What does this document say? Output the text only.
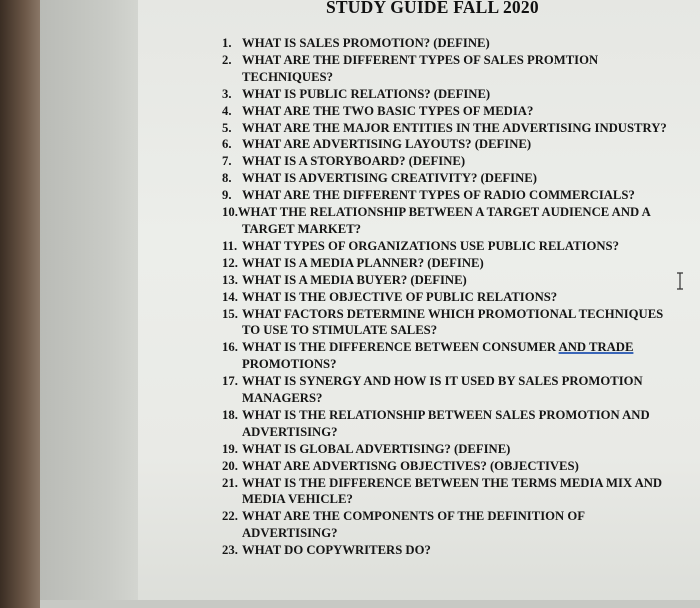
STUDY GUIDE FALL 2020
1. WHAT IS SALES PROMOTION? (DEFINE)
2. WHAT ARE THE DIFFERENT TYPES OF SALES PROMTION TECHNIQUES?
3. WHAT IS PUBLIC RELATIONS? (DEFINE)
4. WHAT ARE THE TWO BASIC TYPES OF MEDIA?
5. WHAT ARE THE MAJOR ENTITIES IN THE ADVERTISING INDUSTRY?
6. WHAT ARE ADVERTISING LAYOUTS? (DEFINE)
7. WHAT IS A STORYBOARD? (DEFINE)
8. WHAT IS ADVERTISING CREATIVITY? (DEFINE)
9. WHAT ARE THE DIFFERENT TYPES OF RADIO COMMERCIALS?
10.WHAT THE RELATIONSHIP BETWEEN A TARGET AUDIENCE AND A TARGET MARKET?
11. WHAT TYPES OF ORGANIZATIONS USE PUBLIC RELATIONS?
12. WHAT IS A MEDIA PLANNER? (DEFINE)
13. WHAT IS A MEDIA BUYER? (DEFINE)
14. WHAT IS THE OBJECTIVE OF PUBLIC RELATIONS?
15. WHAT FACTORS DETERMINE WHICH PROMOTIONAL TECHNIQUES TO USE TO STIMULATE SALES?
16. WHAT IS THE DIFFERENCE BETWEEN CONSUMER AND TRADE PROMOTIONS?
17. WHAT IS SYNERGY AND HOW IS IT USED BY SALES PROMOTION MANAGERS?
18. WHAT IS THE RELATIONSHIP BETWEEN SALES PROMOTION AND ADVERTISING?
19. WHAT IS GLOBAL ADVERTISING? (DEFINE)
20. WHAT ARE ADVERTISNG OBJECTIVES? (OBJECTIVES)
21. WHAT IS THE DIFFERENCE BETWEEN THE TERMS MEDIA MIX AND MEDIA VEHICLE?
22. WHAT ARE THE COMPONENTS OF THE DEFINITION OF ADVERTISING?
23. WHAT DO COPYWRITERS DO?
